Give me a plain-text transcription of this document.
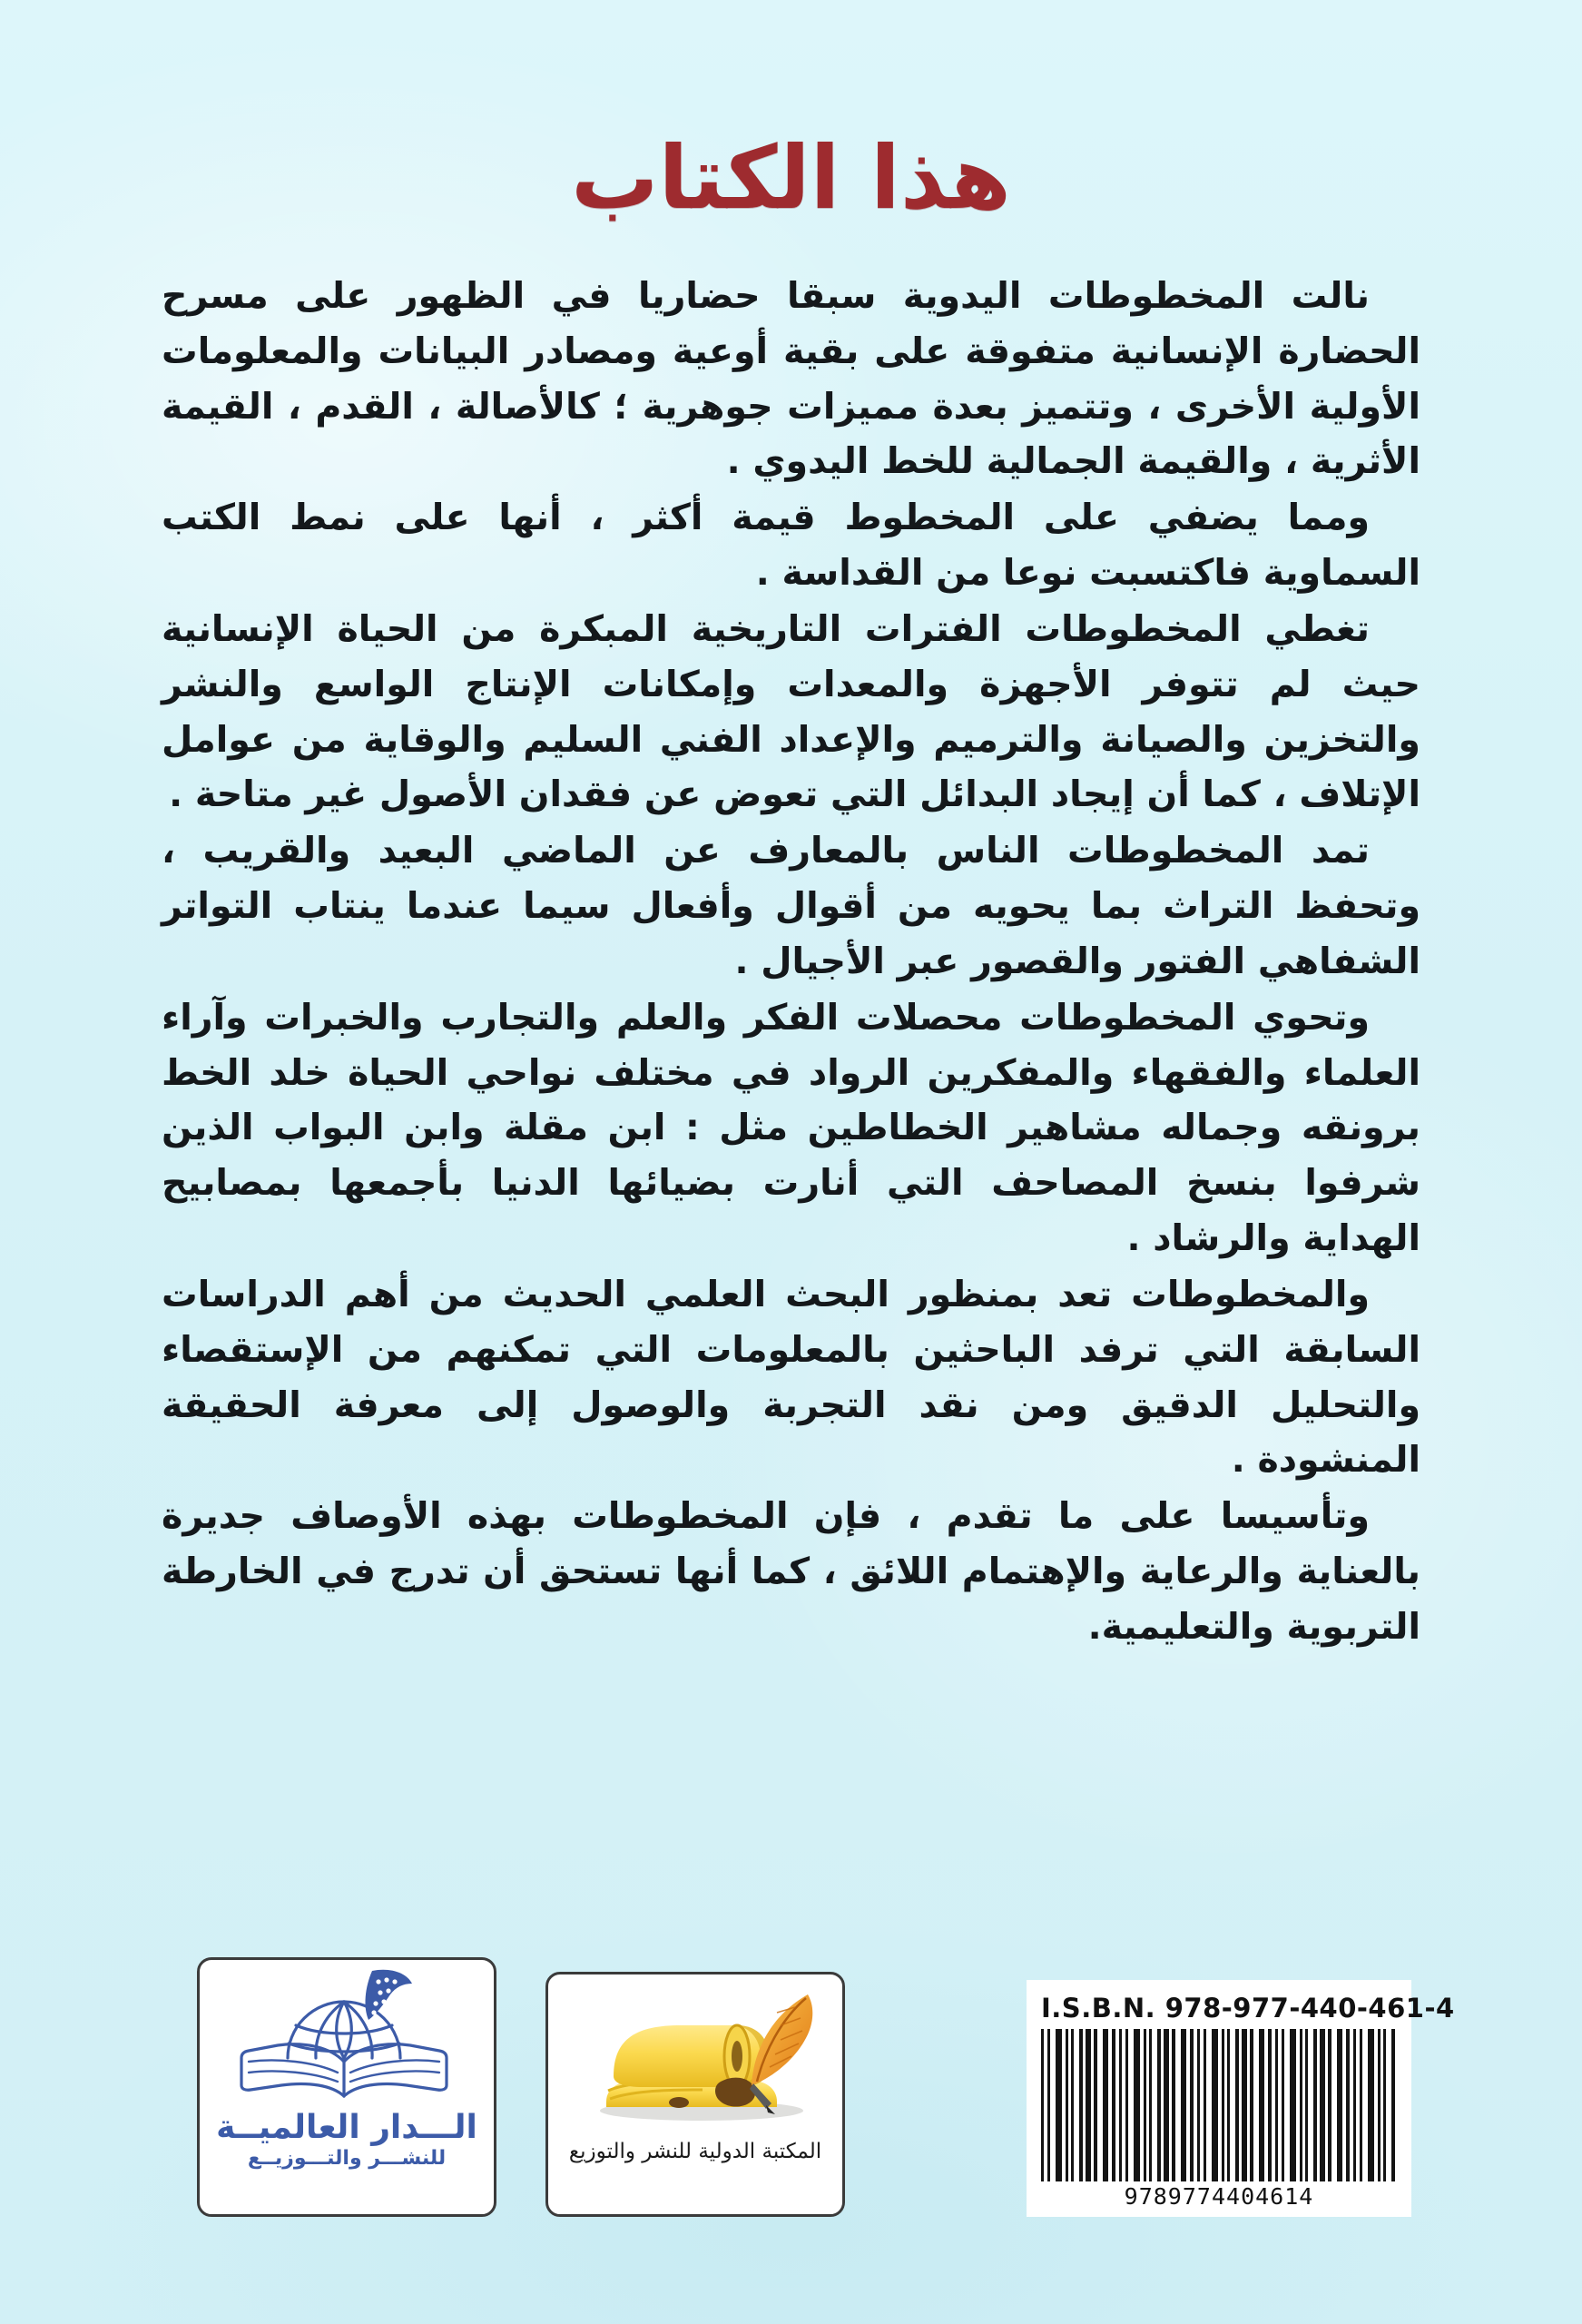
هذا الكتاب

نالت المخطوطات اليدوية سبقا حضاريا في الظهور على مسرح الحضارة الإنسانية متفوقة على بقية أوعية ومصادر البيانات والمعلومات الأولية الأخرى ، وتتميز بعدة مميزات جوهرية ؛ كالأصالة ، القدم ، القيمة الأثرية ، والقيمة الجمالية للخط اليدوي .

ومما يضفي على المخطوط قيمة أكثر ، أنها على نمط الكتب السماوية فاكتسبت نوعا من القداسة .

تغطي المخطوطات الفترات التاريخية المبكرة من الحياة الإنسانية حيث لم تتوفر الأجهزة والمعدات وإمكانات الإنتاج الواسع والنشر والتخزين والصيانة والترميم والإعداد الفني السليم والوقاية من عوامل الإتلاف ، كما أن إيجاد البدائل التي تعوض عن فقدان الأصول غير متاحة .

تمد المخطوطات الناس بالمعارف عن الماضي البعيد والقريب ، وتحفظ التراث بما يحويه من أقوال وأفعال سيما عندما ينتاب التواتر الشفاهي الفتور والقصور عبر الأجيال .

وتحوي المخطوطات محصلات الفكر والعلم والتجارب والخبرات وآراء العلماء والفقهاء والمفكرين الرواد في مختلف نواحي الحياة خلد الخط برونقه وجماله مشاهير الخطاطين مثل : ابن مقلة وابن البواب الذين شرفوا بنسخ المصاحف التي أنارت بضيائها الدنيا بأجمعها بمصابيح الهداية والرشاد .

والمخطوطات تعد بمنظور البحث العلمي الحديث من أهم الدراسات السابقة التي ترفد الباحثين بالمعلومات التي تمكنهم من الإستقصاء والتحليل الدقيق ومن نقد التجربة والوصول إلى معرفة الحقيقة المنشودة .

وتأسيسا على ما تقدم ، فإن المخطوطات بهذه الأوصاف جديرة بالعناية والرعاية والإهتمام اللائق ، كما أنها تستحق أن تدرج في الخارطة التربوية والتعليمية.

I.S.B.N. 978-977-440-461-4
9789774404614
المكتبة الدولية للنشر والتوزيع
الـــدار العالميــة
للنشـــر والتـــوزيــع
